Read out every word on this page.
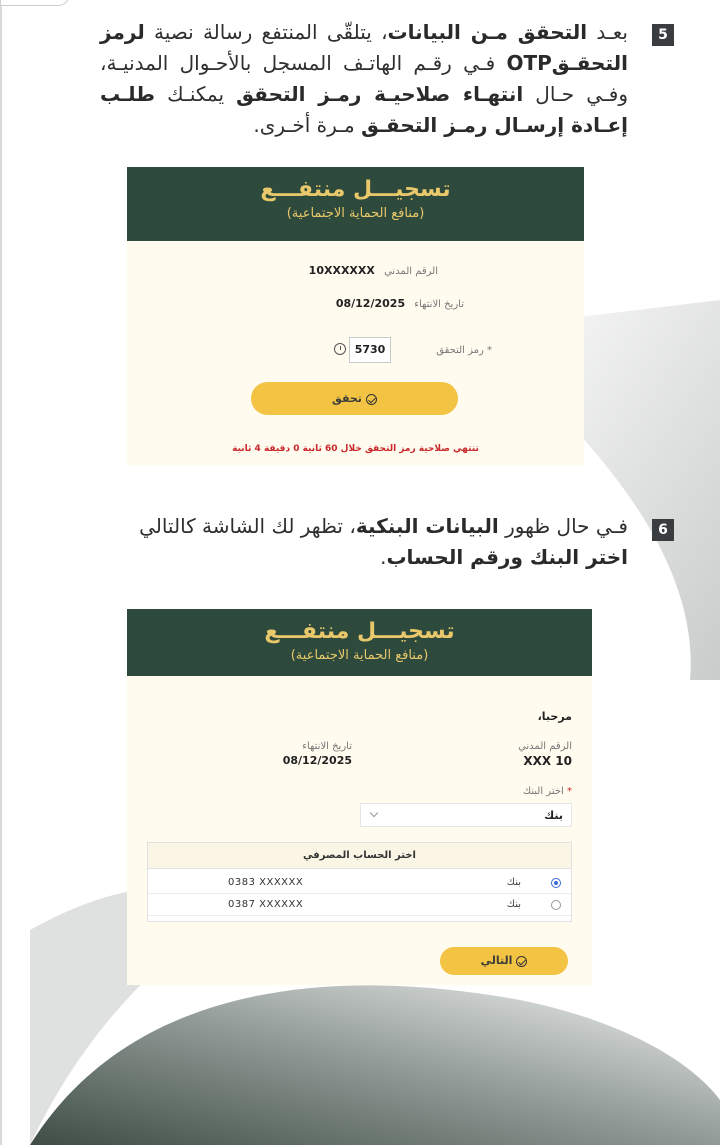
5
بعـد التحقق مـن البيانات، يتلقّى المنتفع رسالة نصية لرمز التحقـقOTP فـي رقـم الهاتـف المسجل بالأحـوال المدنيـة، وفـي حـال انتهـاء صلاحيـة رمـز التحقق يمكنـك طلـب إعـادة إرسـال رمـز التحقـق مـرة أخـرى.
تسجيـــل منتفـــع
(منافع الحماية الاجتماعية)
الرقم المدني 10XXXXXX
تاريخ الانتهاء 08/12/2025
* رمز التحقق
5730
تحقق
تنتهي صلاحية رمز التحقق خلال 60 ثانية 0 دقيقة 4 ثانية
6
فـي حال ظهور البيانات البنكية، تظهر لك الشاشة كالتالي اختر البنك ورقم الحساب.
تسجيـــل منتفـــع
(منافع الحماية الاجتماعية)
مرحبا،
الرقم المدني
10 XXX
تاريخ الانتهاء
08/12/2025
* اختر البنك
بنك
اختر الحساب المصرفي
بنك
0383 XXXXXX
بنك
0387 XXXXXX
التالي
